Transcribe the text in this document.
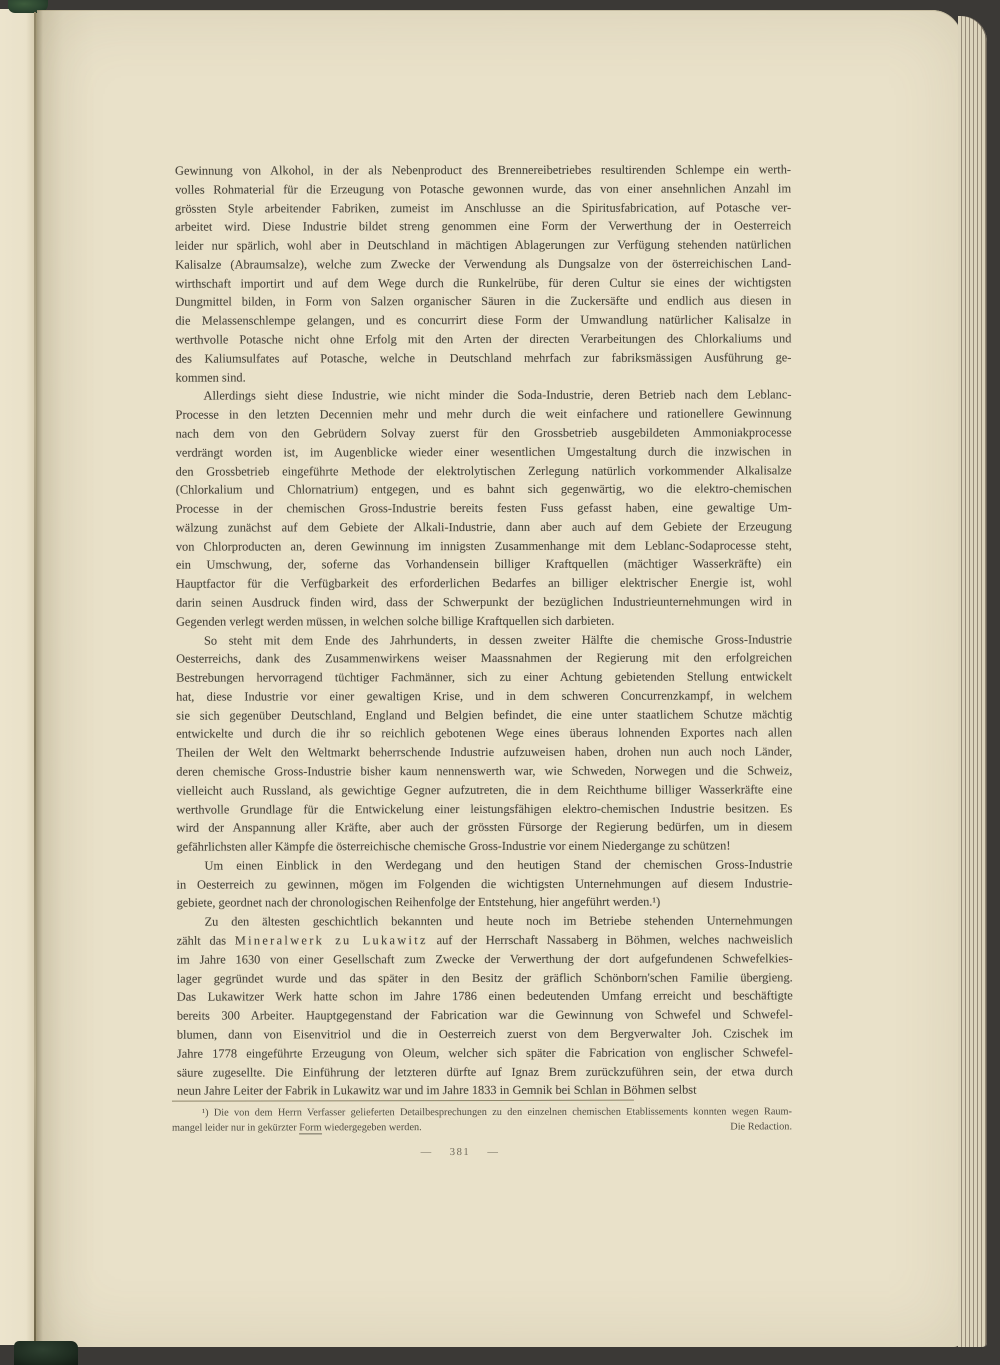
Gewinnung von Alkohol, in der als Nebenproduct des Brennereibetriebes resultirenden Schlempe ein werth-
volles Rohmaterial für die Erzeugung von Potasche gewonnen wurde, das von einer ansehnlichen Anzahl im
grössten Style arbeitender Fabriken, zumeist im Anschlusse an die Spiritusfabrication, auf Potasche ver-
arbeitet wird. Diese Industrie bildet streng genommen eine Form der Verwerthung der in Oesterreich
leider nur spärlich, wohl aber in Deutschland in mächtigen Ablagerungen zur Verfügung stehenden natürlichen
Kalisalze (Abraumsalze), welche zum Zwecke der Verwendung als Dungsalze von der österreichischen Land-
wirthschaft importirt und auf dem Wege durch die Runkelrübe, für deren Cultur sie eines der wichtigsten
Dungmittel bilden, in Form von Salzen organischer Säuren in die Zuckersäfte und endlich aus diesen in
die Melassenschlempe gelangen, und es concurrirt diese Form der Umwandlung natürlicher Kalisalze in
werthvolle Potasche nicht ohne Erfolg mit den Arten der directen Verarbeitungen des Chlorkaliums und
des Kaliumsulfates auf Potasche, welche in Deutschland mehrfach zur fabriksmässigen Ausführung ge-
kommen sind.
Allerdings sieht diese Industrie, wie nicht minder die Soda-Industrie, deren Betrieb nach dem Leblanc-
Processe in den letzten Decennien mehr und mehr durch die weit einfachere und rationellere Gewinnung
nach dem von den Gebrüdern Solvay zuerst für den Grossbetrieb ausgebildeten Ammoniakprocesse
verdrängt worden ist, im Augenblicke wieder einer wesentlichen Umgestaltung durch die inzwischen in
den Grossbetrieb eingeführte Methode der elektrolytischen Zerlegung natürlich vorkommender Alkalisalze
(Chlorkalium und Chlornatrium) entgegen, und es bahnt sich gegenwärtig, wo die elektro-chemischen
Processe in der chemischen Gross-Industrie bereits festen Fuss gefasst haben, eine gewaltige Um-
wälzung zunächst auf dem Gebiete der Alkali-Industrie, dann aber auch auf dem Gebiete der Erzeugung
von Chlorproducten an, deren Gewinnung im innigsten Zusammenhange mit dem Leblanc-Sodaprocesse steht,
ein Umschwung, der, soferne das Vorhandensein billiger Kraftquellen (mächtiger Wasserkräfte) ein
Hauptfactor für die Verfügbarkeit des erforderlichen Bedarfes an billiger elektrischer Energie ist, wohl
darin seinen Ausdruck finden wird, dass der Schwerpunkt der bezüglichen Industrieunternehmungen wird in
Gegenden verlegt werden müssen, in welchen solche billige Kraftquellen sich darbieten.
So steht mit dem Ende des Jahrhunderts, in dessen zweiter Hälfte die chemische Gross-Industrie
Oesterreichs, dank des Zusammenwirkens weiser Maassnahmen der Regierung mit den erfolgreichen
Bestrebungen hervorragend tüchtiger Fachmänner, sich zu einer Achtung gebietenden Stellung entwickelt
hat, diese Industrie vor einer gewaltigen Krise, und in dem schweren Concurrenzkampf, in welchem
sie sich gegenüber Deutschland, England und Belgien befindet, die eine unter staatlichem Schutze mächtig
entwickelte und durch die ihr so reichlich gebotenen Wege eines überaus lohnenden Exportes nach allen
Theilen der Welt den Weltmarkt beherrschende Industrie aufzuweisen haben, drohen nun auch noch Länder,
deren chemische Gross-Industrie bisher kaum nennenswerth war, wie Schweden, Norwegen und die Schweiz,
vielleicht auch Russland, als gewichtige Gegner aufzutreten, die in dem Reichthume billiger Wasserkräfte eine
werthvolle Grundlage für die Entwickelung einer leistungsfähigen elektro-chemischen Industrie besitzen. Es
wird der Anspannung aller Kräfte, aber auch der grössten Fürsorge der Regierung bedürfen, um in diesem
gefährlichsten aller Kämpfe die österreichische chemische Gross-Industrie vor einem Niedergange zu schützen!
Um einen Einblick in den Werdegang und den heutigen Stand der chemischen Gross-Industrie
in Oesterreich zu gewinnen, mögen im Folgenden die wichtigsten Unternehmungen auf diesem Industrie-
gebiete, geordnet nach der chronologischen Reihenfolge der Entstehung, hier angeführt werden.¹)
Zu den ältesten geschichtlich bekannten und heute noch im Betriebe stehenden Unternehmungen
zählt das Mineralwerk zu Lukawitz auf der Herrschaft Nassaberg in Böhmen, welches nachweislich
im Jahre 1630 von einer Gesellschaft zum Zwecke der Verwerthung der dort aufgefundenen Schwefelkies-
lager gegründet wurde und das später in den Besitz der gräflich Schönborn'schen Familie übergieng.
Das Lukawitzer Werk hatte schon im Jahre 1786 einen bedeutenden Umfang erreicht und beschäftigte
bereits 300 Arbeiter. Hauptgegenstand der Fabrication war die Gewinnung von Schwefel und Schwefel-
blumen, dann von Eisenvitriol und die in Oesterreich zuerst von dem Bergverwalter Joh. Czischek im
Jahre 1778 eingeführte Erzeugung von Oleum, welcher sich später die Fabrication von englischer Schwefel-
säure zugesellte. Die Einführung der letzteren dürfte auf Ignaz Brem zurückzuführen sein, der etwa durch
neun Jahre Leiter der Fabrik in Lukawitz war und im Jahre 1833 in Gemnik bei Schlan in Böhmen selbst
¹) Die von dem Herrn Verfasser gelieferten Detailbesprechungen zu den einzelnen chemischen Etablissements konnten wegen Raum-
mangel leider nur in gekürzter Form wiedergegeben werden.	Die Redaction.
— 381 —
